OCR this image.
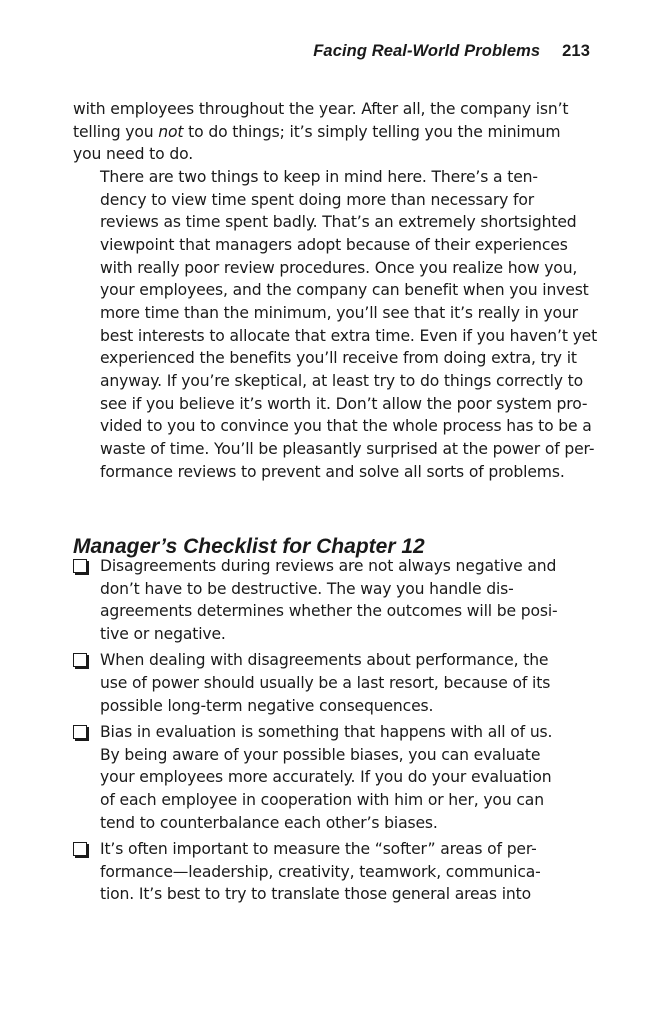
Facing Real-World Problems 213

with employees throughout the year. After all, the company isn’t
telling you not to do things; it’s simply telling you the minimum
you need to do.

There are two things to keep in mind here. There’s a ten-
dency to view time spent doing more than necessary for
reviews as time spent badly. That’s an extremely shortsighted
viewpoint that managers adopt because of their experiences
with really poor review procedures. Once you realize how you,
your employees, and the company can benefit when you invest
more time than the minimum, you’ll see that it’s really in your
best interests to allocate that extra time. Even if you haven’t yet
experienced the benefits you’ll receive from doing extra, try it
anyway. If you’re skeptical, at least try to do things correctly to
see if you believe it’s worth it. Don’t allow the poor system pro-
vided to you to convince you that the whole process has to be a
waste of time. You’ll be pleasantly surprised at the power of per-
formance reviews to prevent and solve all sorts of problems.

Manager’s Checklist for Chapter 12
Disagreements during reviews are not always negative and
don’t have to be destructive. The way you handle dis-
agreements determines whether the outcomes will be posi-
tive or negative.
When dealing with disagreements about performance, the
use of power should usually be a last resort, because of its
possible long-term negative consequences.
Bias in evaluation is something that happens with all of us.
By being aware of your possible biases, you can evaluate
your employees more accurately. If you do your evaluation
of each employee in cooperation with him or her, you can
tend to counterbalance each other’s biases.
It’s often important to measure the “softer” areas of per-
formance—leadership, creativity, teamwork, communica-
tion. It’s best to try to translate those general areas into
